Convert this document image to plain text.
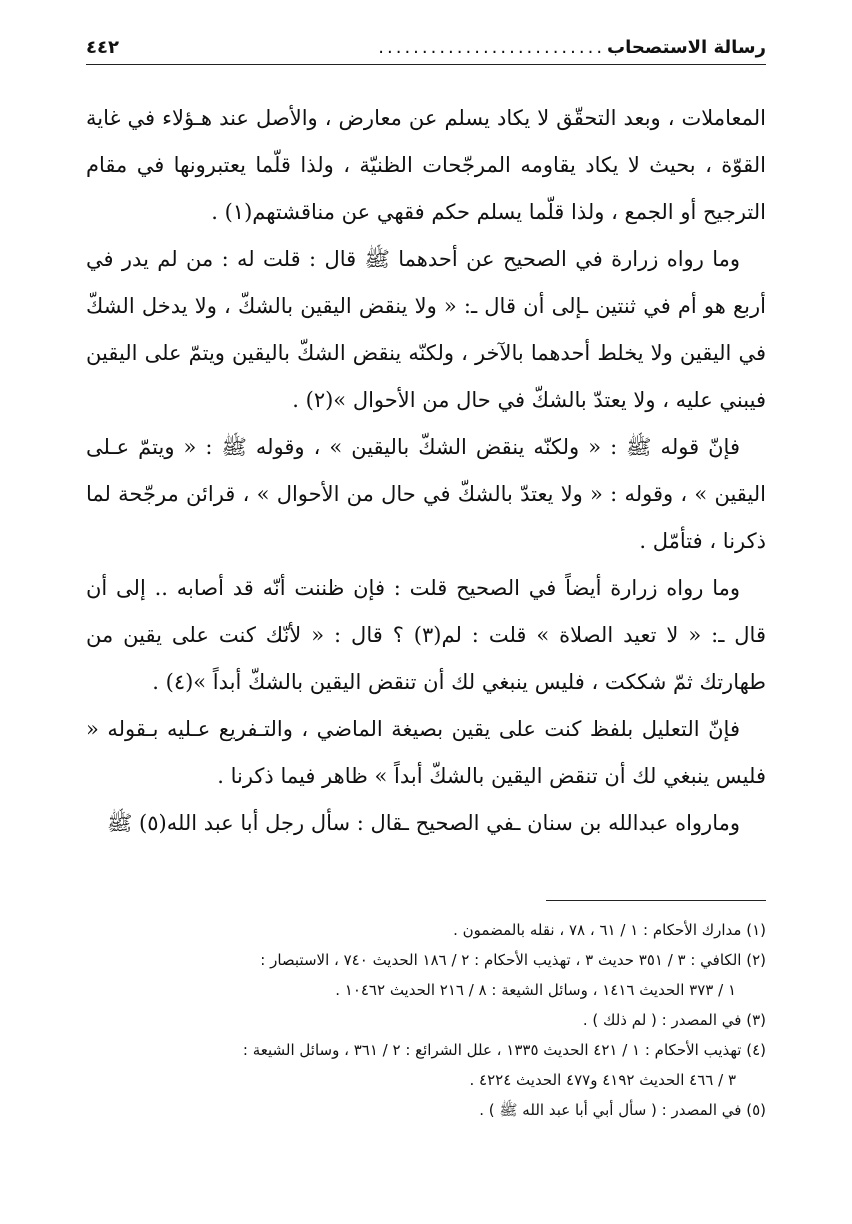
رسالة الاستصحاب
..........................
٤٤٢

المعاملات ، وبعد التحقّق لا يكاد يسلم عن معارض ، والأصل عند هـؤلاء في غاية القوّة ، بحيث لا يكاد يقاومه المرجّحات الظنيّة ، ولذا قلّما يعتبرونها في مقام الترجيح أو الجمع ، ولذا قلّما يسلم حكم فقهي عن مناقشتهم(١) .

وما رواه زرارة في الصحيح عن أحدهما ﷺ قال : قلت له : من لم يدر في أربع هو أم في ثنتين ـإلى أن قال ـ: « ولا ينقض اليقين بالشكّ ، ولا يدخل الشكّ في اليقين ولا يخلط أحدهما بالآخر ، ولكنّه ينقض الشكّ باليقين ويتمّ على اليقين فيبني عليه ، ولا يعتدّ بالشكّ في حال من الأحوال »(٢) .

فإنّ قوله ﷺ : « ولكنّه ينقض الشكّ باليقين » ، وقوله ﷺ : « ويتمّ عـلى اليقين » ، وقوله : « ولا يعتدّ بالشكّ في حال من الأحوال » ، قرائن مرجّحة لما ذكرنا ، فتأمّل .

وما رواه زرارة أيضاً في الصحيح قلت : فإن ظننت أنّه قد أصابه .. إلى أن قال ـ: « لا تعيد الصلاة » قلت : لم(٣) ؟ قال : « لأنّك كنت على يقين من طهارتك ثمّ شككت ، فليس ينبغي لك أن تنقض اليقين بالشكّ أبداً »(٤) .

فإنّ التعليل بلفظ كنت على يقين بصيغة الماضي ، والتـفريع عـليه بـقوله « فليس ينبغي لك أن تنقض اليقين بالشكّ أبداً » ظاهر فيما ذكرنا .

ومارواه عبدالله بن سنان ـفي الصحيح ـقال : سأل رجل أبا عبد الله(٥) ﷺ

(١) مدارك الأحكام : ١ / ٦١ ، ٧٨ ، نقله بالمضمون .

(٢) الكافي : ٣ / ٣٥١ حديث ٣ ، تهذيب الأحكام : ٢ / ١٨٦ الحديث ٧٤٠ ، الاستبصار :
١ / ٣٧٣ الحديث ١٤١٦ ، وسائل الشيعة : ٨ / ٢١٦ الحديث ١٠٤٦٢ .

(٣) في المصدر : ( لم ذلك ) .

(٤) تهذيب الأحكام : ١ / ٤٢١ الحديث ١٣٣٥ ، علل الشرائع : ٢ / ٣٦١ ، وسائل الشيعة :
٣ / ٤٦٦ الحديث ٤١٩٢ و٤٧٧ الحديث ٤٢٢٤ .

(٥) في المصدر : ( سأل أبي أبا عبد الله ﷺ ) .
